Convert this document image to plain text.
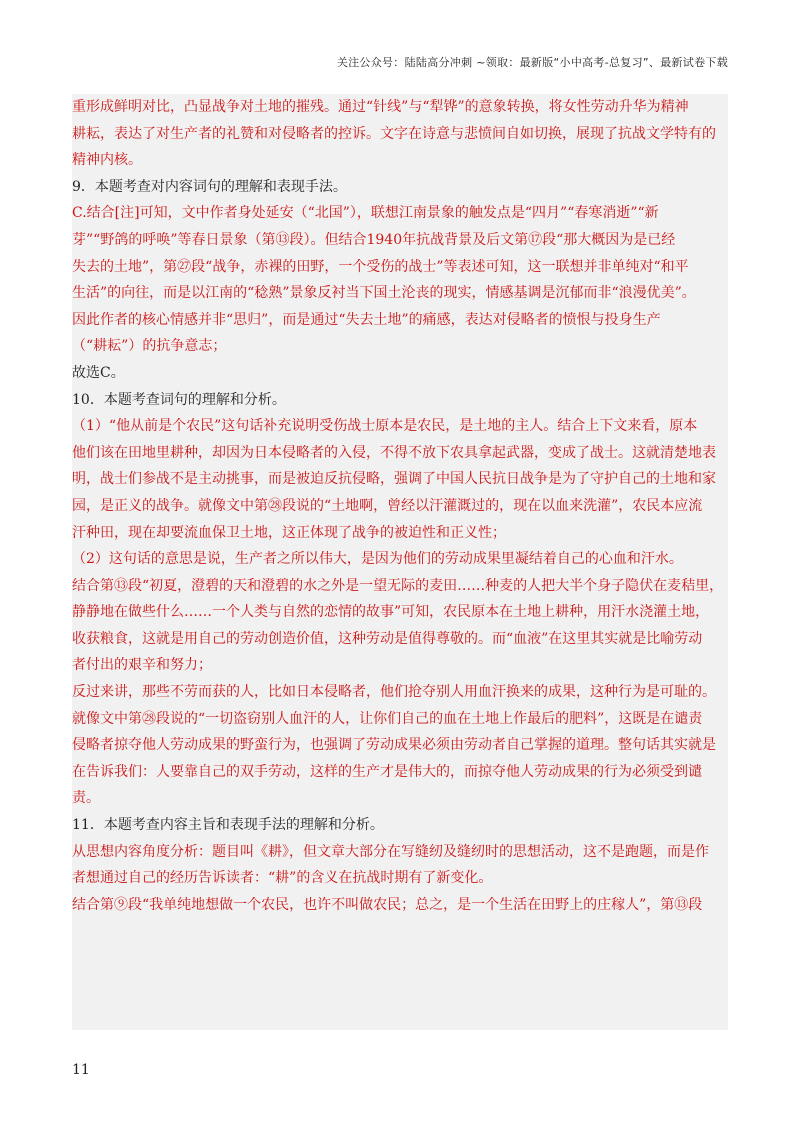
关注公众号：陆陆高分冲刺 ~领取：最新版“小中高考-总复习”、最新试卷下载

重形成鲜明对比，凸显战争对土地的摧残。通过“针线”与“犁铧”的意象转换，将女性劳动升华为精神

耕耘，表达了对生产者的礼赞和对侵略者的控诉。文字在诗意与悲愤间自如切换，展现了抗战文学特有的

精神内核。

9．本题考查对内容词句的理解和表现手法。

C.结合[注]可知，文中作者身处延安（“北国”），联想江南景象的触发点是“四月”“春寒消逝”“新

芽”“野鸽的呼唤”等春日景象（第⑬段）。但结合1940年抗战背景及后文第⑰段“那大概因为是已经

失去的土地”，第㉗段“战争，赤裸的田野，一个受伤的战士”等表述可知，这一联想并非单纯对“和平

生活”的向往，而是以江南的“稔熟”景象反衬当下国土沦丧的现实，情感基调是沉郁而非“浪漫优美”。

因此作者的核心情感并非“思归”，而是通过“失去土地”的痛感，表达对侵略者的愤恨与投身生产

（“耕耘”）的抗争意志；

故选C。

10．本题考查词句的理解和分析。

（1）“他从前是个农民”这句话补充说明受伤战士原本是农民，是土地的主人。结合上下文来看，原本

他们该在田地里耕种，却因为日本侵略者的入侵，不得不放下农具拿起武器，变成了战士。这就清楚地表

明，战士们参战不是主动挑事，而是被迫反抗侵略，强调了中国人民抗日战争是为了守护自己的土地和家

园，是正义的战争。就像文中第㉘段说的“土地啊，曾经以汗灌溉过的，现在以血来洗灌”，农民本应流

汗种田，现在却要流血保卫土地，这正体现了战争的被迫性和正义性；

（2）这句话的意思是说，生产者之所以伟大，是因为他们的劳动成果里凝结着自己的心血和汗水。

结合第⑬段“初夏，澄碧的天和澄碧的水之外是一望无际的麦田……种麦的人把大半个身子隐伏在麦秸里，

静静地在做些什么……一个人类与自然的恋情的故事”可知，农民原本在土地上耕种，用汗水浇灌土地，

收获粮食，这就是用自己的劳动创造价值，这种劳动是值得尊敬的。而“血液”在这里其实就是比喻劳动

者付出的艰辛和努力；

反过来讲，那些不劳而获的人，比如日本侵略者，他们抢夺别人用血汗换来的成果，这种行为是可耻的。

就像文中第㉘段说的“一切盗窃别人血汗的人，让你们自己的血在土地上作最后的肥料”，这既是在谴责

侵略者掠夺他人劳动成果的野蛮行为，也强调了劳动成果必须由劳动者自己掌握的道理。整句话其实就是

在告诉我们：人要靠自己的双手劳动，这样的生产才是伟大的，而掠夺他人劳动成果的行为必须受到谴责。

11．本题考查内容主旨和表现手法的理解和分析。

从思想内容角度分析：题目叫《耕》，但文章大部分在写缝纫及缝纫时的思想活动，这不是跑题，而是作

者想通过自己的经历告诉读者：“耕”的含义在抗战时期有了新变化。

结合第⑨段“我单纯地想做一个农民，也许不叫做农民；总之，是一个生活在田野上的庄稼人”，第⑬段

11
